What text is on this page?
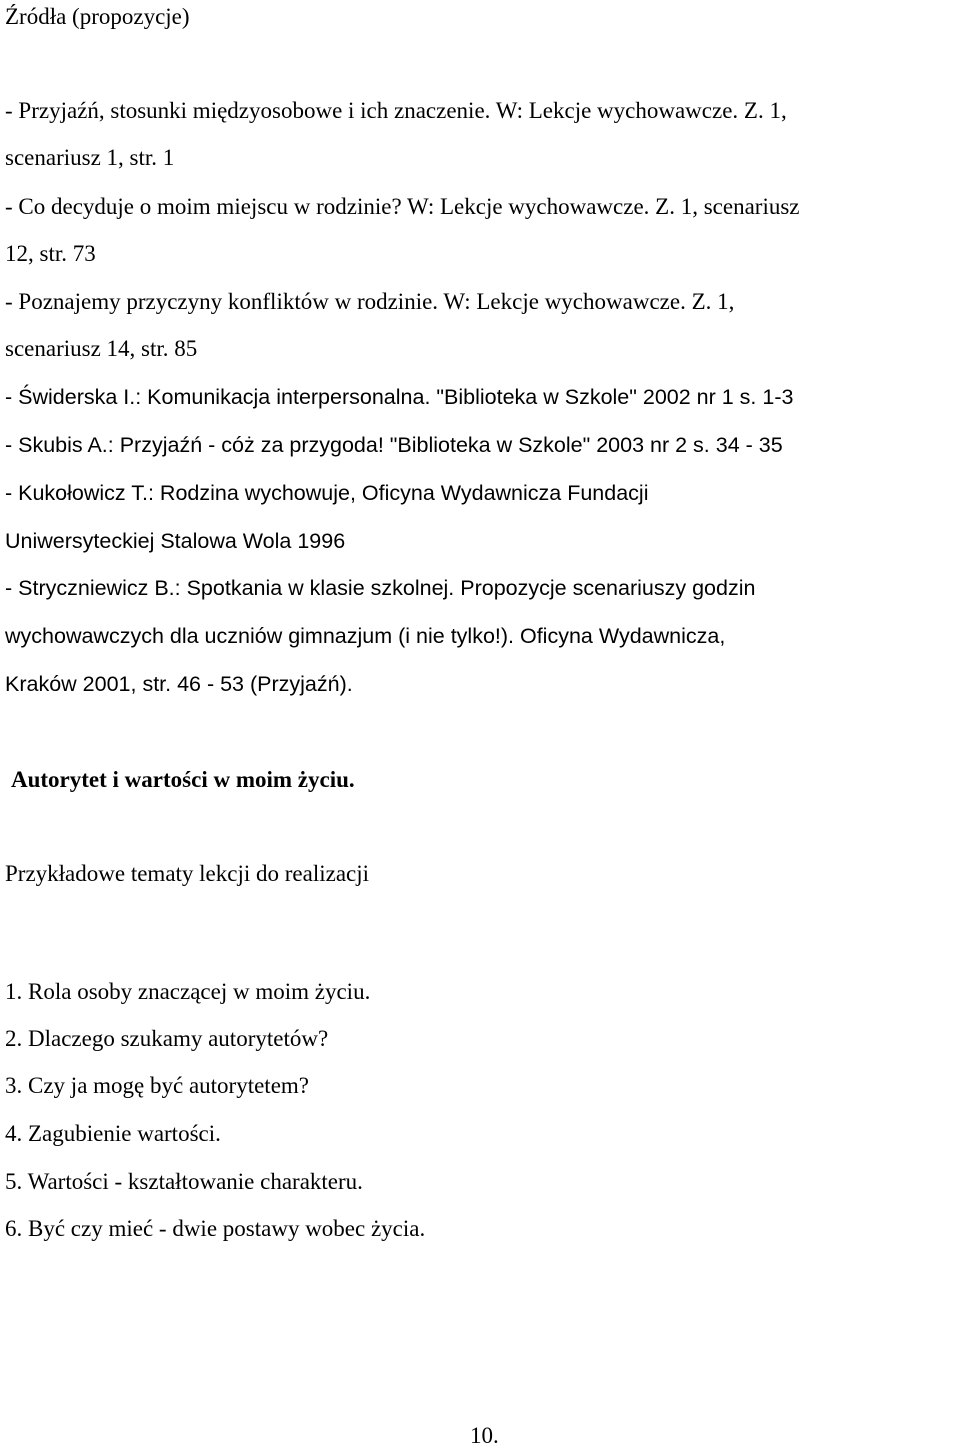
Źródła (propozycje)
- Przyjaźń, stosunki międzyosobowe i ich znaczenie. W: Lekcje wychowawcze. Z. 1,
scenariusz 1, str. 1
- Co decyduje o moim miejscu w rodzinie? W: Lekcje wychowawcze. Z. 1, scenariusz
12, str. 73
- Poznajemy przyczyny konfliktów w rodzinie. W: Lekcje wychowawcze. Z. 1,
scenariusz 14, str. 85
- Świderska I.: Komunikacja interpersonalna. "Biblioteka w Szkole" 2002 nr 1 s. 1-3
- Skubis A.: Przyjaźń - cóż za przygoda! "Biblioteka w Szkole" 2003 nr 2 s. 34 - 35
- Kukołowicz T.: Rodzina wychowuje, Oficyna Wydawnicza Fundacji
Uniwersyteckiej Stalowa Wola 1996
- Stryczniewicz B.: Spotkania w klasie szkolnej. Propozycje scenariuszy godzin
wychowawczych dla uczniów gimnazjum (i nie tylko!). Oficyna Wydawnicza,
Kraków 2001, str. 46 - 53 (Przyjaźń).
Autorytet i wartości w moim życiu.
Przykładowe tematy lekcji do realizacji
1. Rola osoby znaczącej w moim życiu.
2. Dlaczego szukamy autorytetów?
3. Czy ja mogę być autorytetem?
4. Zagubienie wartości.
5. Wartości - kształtowanie charakteru.
6. Być czy mieć - dwie postawy wobec życia.
10.
